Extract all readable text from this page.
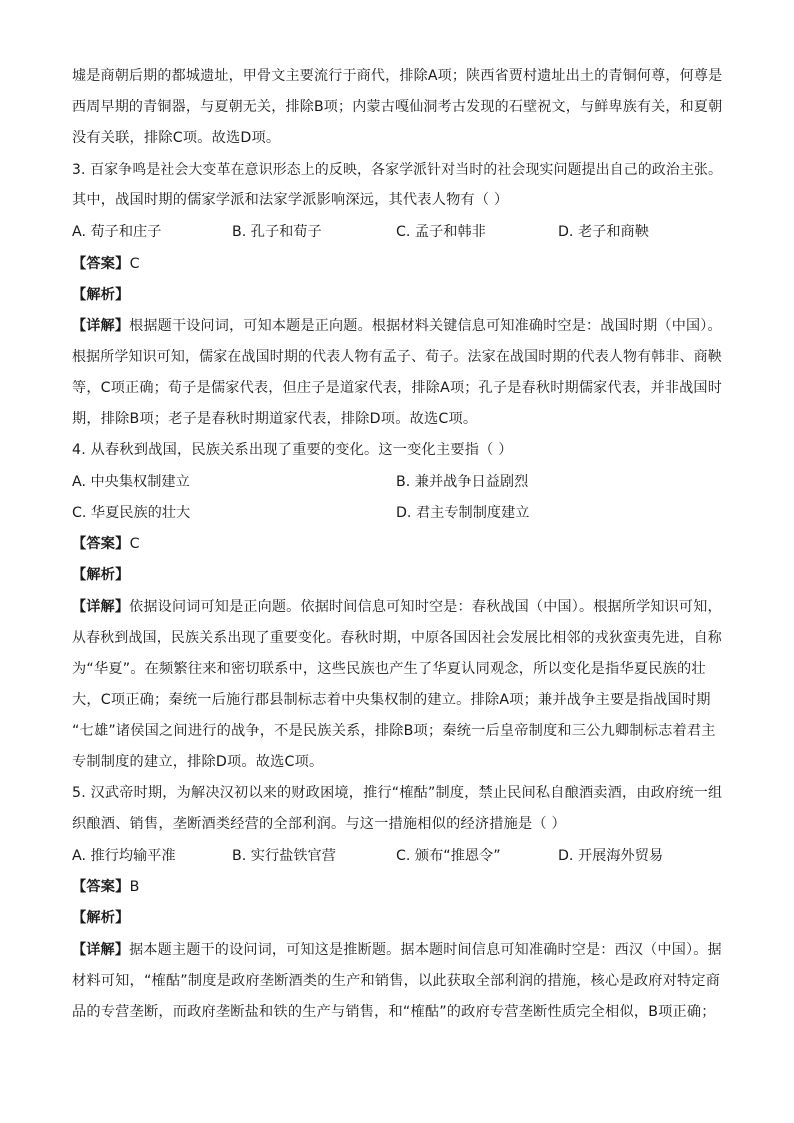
墟是商朝后期的都城遗址，甲骨文主要流行于商代，排除A项；陕西省贾村遗址出土的青铜何尊，何尊是
西周早期的青铜器，与夏朝无关，排除B项；内蒙古嘎仙洞考古发现的石壁祝文，与鲜卑族有关，和夏朝
没有关联，排除C项。故选D项。
3. 百家争鸣是社会大变革在意识形态上的反映，各家学派针对当时的社会现实问题提出自己的政治主张。
其中，战国时期的儒家学派和法家学派影响深远，其代表人物有（ ）
A. 荀子和庄子	B. 孔子和荀子	C. 孟子和韩非	D. 老子和商鞅
【答案】C
【解析】
【详解】根据题干设问词，可知本题是正向题。根据材料关键信息可知准确时空是：战国时期（中国）。
根据所学知识可知，儒家在战国时期的代表人物有孟子、荀子。法家在战国时期的代表人物有韩非、商鞅
等，C项正确；荀子是儒家代表，但庄子是道家代表，排除A项；孔子是春秋时期儒家代表，并非战国时
期，排除B项；老子是春秋时期道家代表，排除D项。故选C项。
4. 从春秋到战国，民族关系出现了重要的变化。这一变化主要指（ ）
A. 中央集权制建立	B. 兼并战争日益剧烈
C. 华夏民族的壮大	D. 君主专制制度建立
【答案】C
【解析】
【详解】依据设问词可知是正向题。依据时间信息可知时空是：春秋战国（中国）。根据所学知识可知，
从春秋到战国，民族关系出现了重要变化。春秋时期，中原各国因社会发展比相邻的戎狄蛮夷先进，自称
为“华夏”。在频繁往来和密切联系中，这些民族也产生了华夏认同观念，所以变化是指华夏民族的壮
大，C项正确；秦统一后施行郡县制标志着中央集权制的建立。排除A项；兼并战争主要是指战国时期
“七雄”诸侯国之间进行的战争，不是民族关系，排除B项；秦统一后皇帝制度和三公九卿制标志着君主
专制制度的建立，排除D项。故选C项。
5. 汉武帝时期，为解决汉初以来的财政困境，推行“榷酤”制度，禁止民间私自酿酒卖酒，由政府统一组
织酿酒、销售，垄断酒类经营的全部利润。与这一措施相似的经济措施是（ ）
A. 推行均输平准	B. 实行盐铁官营	C. 颁布“推恩令”	D. 开展海外贸易
【答案】B
【解析】
【详解】据本题主题干的设问词，可知这是推断题。据本题时间信息可知准确时空是：西汉（中国）。据
材料可知，“榷酤”制度是政府垄断酒类的生产和销售，以此获取全部利润的措施，核心是政府对特定商
品的专营垄断，而政府垄断盐和铁的生产与销售，和“榷酤”的政府专营垄断性质完全相似，B项正确；
